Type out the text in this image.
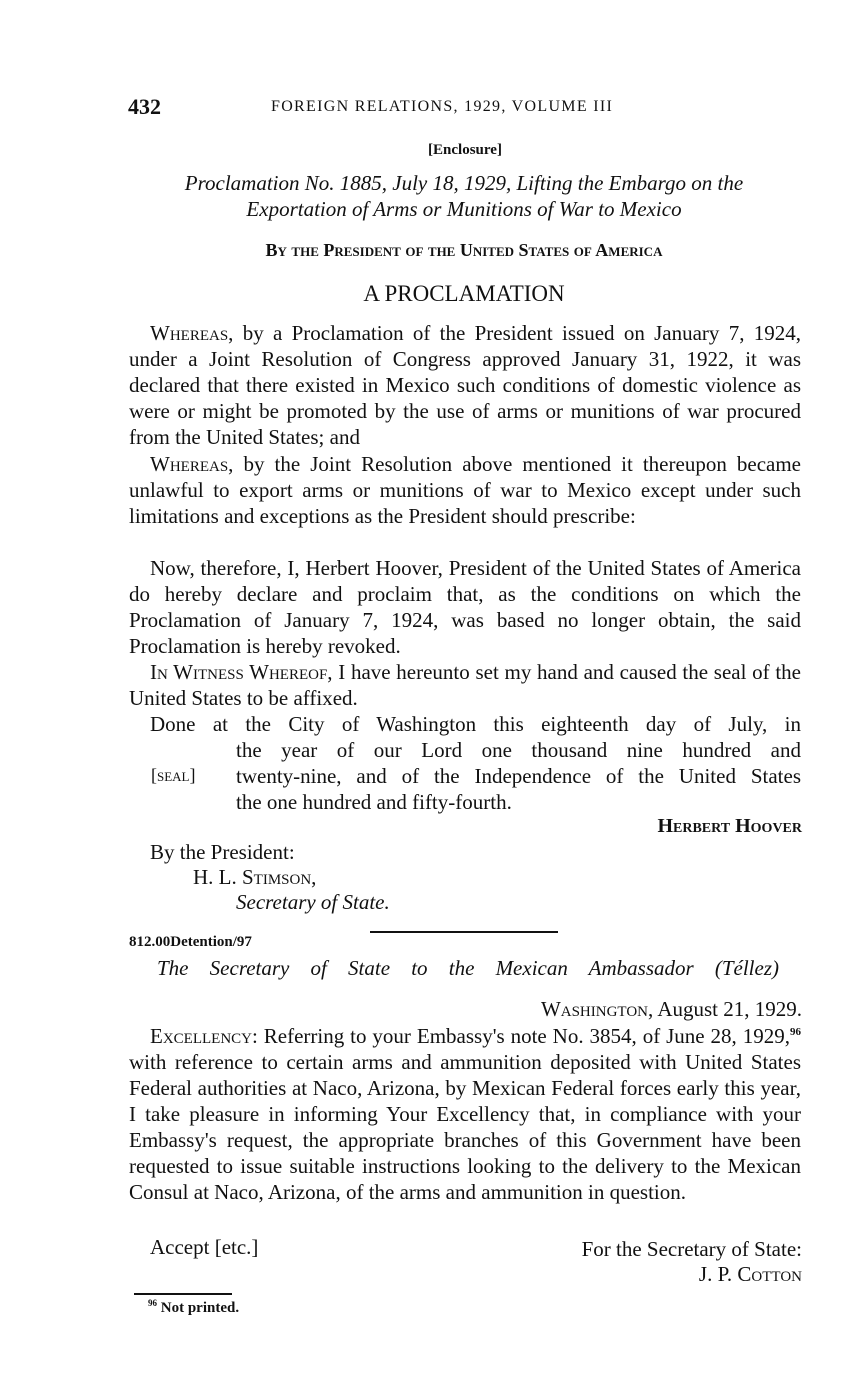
432	FOREIGN RELATIONS, 1929, VOLUME III
[Enclosure]
Proclamation No. 1885, July 18, 1929, Lifting the Embargo on the
Exportation of Arms or Munitions of War to Mexico
By the President of the United States of America
A PROCLAMATION
Whereas, by a Proclamation of the President issued on January 7, 1924, under a Joint Resolution of Congress approved January 31, 1922, it was declared that there existed in Mexico such conditions of domestic violence as were or might be promoted by the use of arms or munitions of war procured from the United States; and
Whereas, by the Joint Resolution above mentioned it thereupon became unlawful to export arms or munitions of war to Mexico except under such limitations and exceptions as the President should prescribe:
Now, therefore, I, Herbert Hoover, President of the United States of America do hereby declare and proclaim that, as the conditions on which the Proclamation of January 7, 1924, was based no longer obtain, the said Proclamation is hereby revoked.
In Witness Whereof, I have hereunto set my hand and caused the seal of the United States to be affixed.
Done at the City of Washington this eighteenth day of July, in
the year of our Lord one thousand nine hundred and
twenty-nine, and of the Independence of the United States
the one hundred and fifty-fourth.
[seal]
Herbert Hoover
By the President:
H. L. Stimson,
Secretary of State.
812.00Detention/97
The Secretary of State to the Mexican Ambassador (Téllez)
Washington, August 21, 1929.
Excellency: Referring to your Embassy's note No. 3854, of June 28, 1929,96 with reference to certain arms and ammunition deposited with United States Federal authorities at Naco, Arizona, by Mexican Federal forces early this year, I take pleasure in informing Your Excellency that, in compliance with your Embassy's request, the appropriate branches of this Government have been requested to issue suitable instructions looking to the delivery to the Mexican Consul at Naco, Arizona, of the arms and ammunition in question.
Accept [etc.]	For the Secretary of State:
J. P. Cotton
$^{96}$ Not printed.
